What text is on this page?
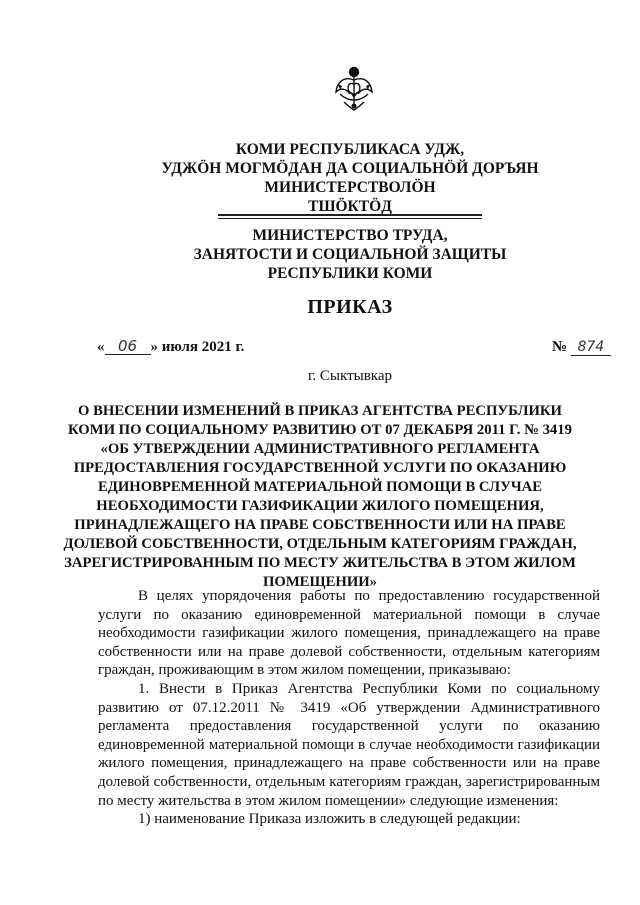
КОМИ РЕСПУБЛИКАСА УДЖ,
УДЖӦН МОГМӦДАН ДА СОЦИАЛЬНӦЙ ДОРЪЯН
МИНИСТЕРСТВОЛӦН
ТШӦКТӦД
МИНИСТЕРСТВО ТРУДА,
ЗАНЯТОСТИ И СОЦИАЛЬНОЙ ЗАЩИТЫ
РЕСПУБЛИКИ КОМИ
ПРИКАЗ
« 06 » июля 2021 г.	№ 874
г. Сыктывкар
О ВНЕСЕНИИ ИЗМЕНЕНИЙ В ПРИКАЗ АГЕНТСТВА РЕСПУБЛИКИ КОМИ ПО СОЦИАЛЬНОМУ РАЗВИТИЮ ОТ 07 ДЕКАБРЯ 2011 Г. № 3419 «ОБ УТВЕРЖДЕНИИ АДМИНИСТРАТИВНОГО РЕГЛАМЕНТА ПРЕДОСТАВЛЕНИЯ ГОСУДАРСТВЕННОЙ УСЛУГИ ПО ОКАЗАНИЮ ЕДИНОВРЕМЕННОЙ МАТЕРИАЛЬНОЙ ПОМОЩИ В СЛУЧАЕ НЕОБХОДИМОСТИ ГАЗИФИКАЦИИ ЖИЛОГО ПОМЕЩЕНИЯ, ПРИНАДЛЕЖАЩЕГО НА ПРАВЕ СОБСТВЕННОСТИ ИЛИ НА ПРАВЕ ДОЛЕВОЙ СОБСТВЕННОСТИ, ОТДЕЛЬНЫМ КАТЕГОРИЯМ ГРАЖДАН, ЗАРЕГИСТРИРОВАННЫМ ПО МЕСТУ ЖИТЕЛЬСТВА В ЭТОМ ЖИЛОМ ПОМЕЩЕНИИ»

В целях упорядочения работы по предоставлению государственной услуги по оказанию единовременной материальной помощи в случае необходимости газификации жилого помещения, принадлежащего на праве собственности или на праве долевой собственности, отдельным категориям граждан, проживающим в этом жилом помещении, приказываю:

1. Внести в Приказ Агентства Республики Коми по социальному развитию от 07.12.2011 № 3419 «Об утверждении Административного регламента предоставления государственной услуги по оказанию единовременной материальной помощи в случае необходимости газификации жилого помещения, принадлежащего на праве собственности или на праве долевой собственности, отдельным категориям граждан, зарегистрированным по месту жительства в этом жилом помещении» следующие изменения:

1) наименование Приказа изложить в следующей редакции:
